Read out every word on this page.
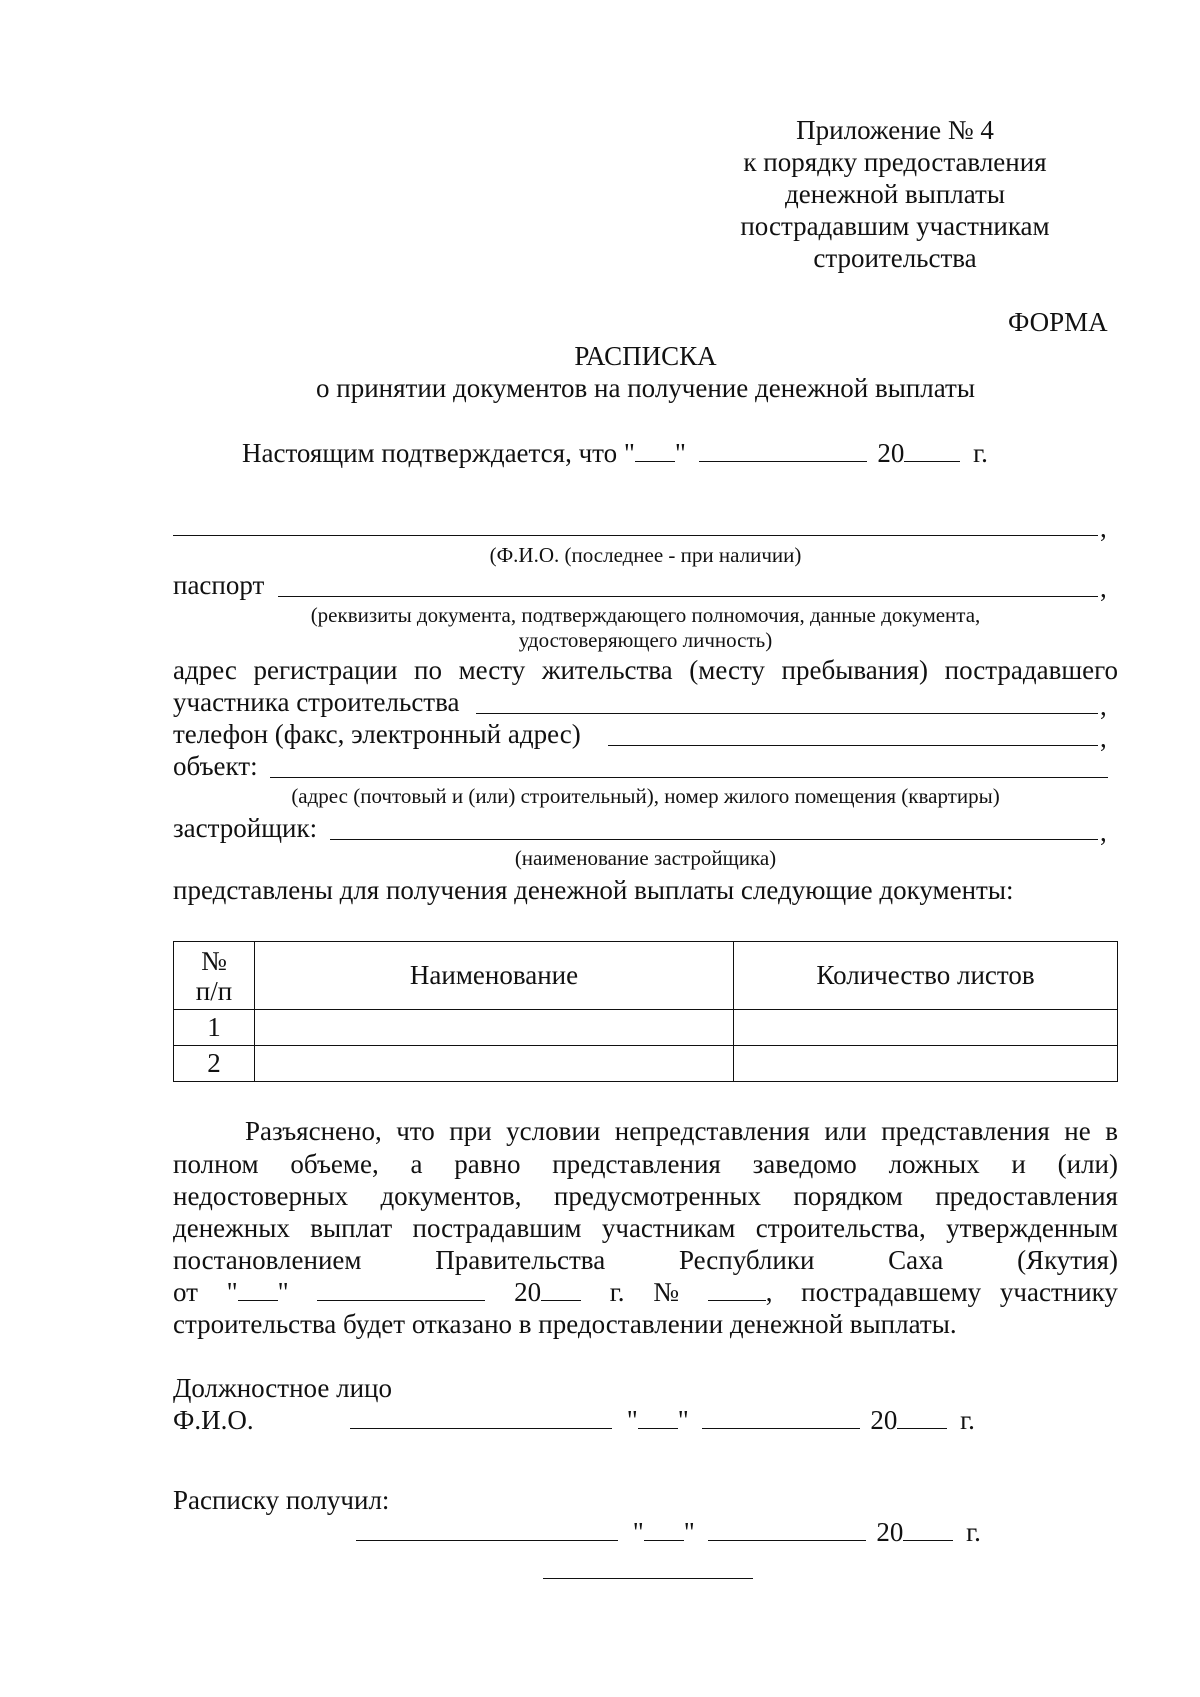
Приложение № 4
к порядку предоставления
денежной выплаты
пострадавшим участникам
строительства
ФОРМА
РАСПИСКА
о принятии документов на получение денежной выплаты
Настоящим подтверждается, что " "	20	г.
,
(Ф.И.О. (последнее - при наличии)
паспорт	,
(реквизиты документа, подтверждающего полномочия, данные документа,
удостоверяющего личность)
адрес регистрации по месту жительства (месту пребывания) пострадавшего
участника строительства	,
телефон (факс, электронный адрес)	,
объект:
(адрес (почтовый и (или) строительный), номер жилого помещения (квартиры)
застройщик:	,
(наименование застройщика)
представлены для получения денежной выплаты следующие документы:
№
п/п	Наименование	Количество листов
1		
2		
Разъяснено, что при условии непредставления или представления не в
полном объеме, а равно представления заведомо ложных и (или)
недостоверных документов, предусмотренных порядком предоставления
денежных выплат пострадавшим участникам строительства, утвержденным
постановлением	Правительства	Республики	Саха	(Якутия)
от " "	20	г. №	, пострадавшему участнику
строительства будет отказано в предоставлении денежной выплаты.
Должностное лицо
Ф.И.О.	" "	20 г.
Расписку получил:
" "	20 г.
